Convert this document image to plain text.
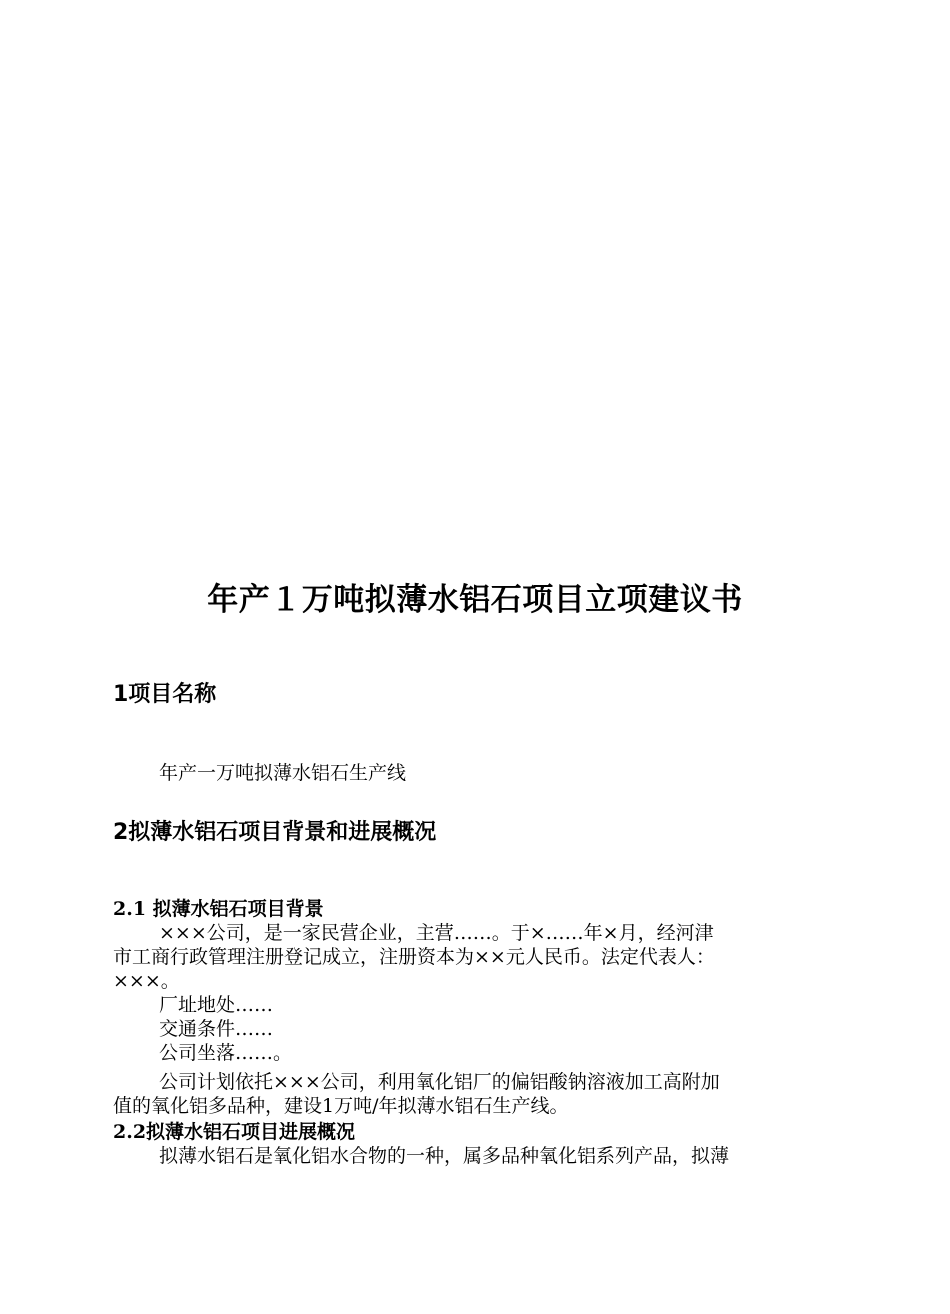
年产１万吨拟薄水铝石项目立项建议书
1项目名称
年产一万吨拟薄水铝石生产线
2拟薄水铝石项目背景和进展概况
2.1 拟薄水铝石项目背景
×××公司，是一家民营企业，主营……。于×……年×月，经河津
市工商行政管理注册登记成立，注册资本为××元人民币。法定代表人：
×××。
厂址地处……
交通条件……
公司坐落……。
公司计划依托×××公司，利用氧化铝厂的偏铝酸钠溶液加工高附加
值的氧化铝多品种，建设1万吨/年拟薄水铝石生产线。
2.2拟薄水铝石项目进展概况
拟薄水铝石是氧化铝水合物的一种，属多品种氧化铝系列产品，拟薄
